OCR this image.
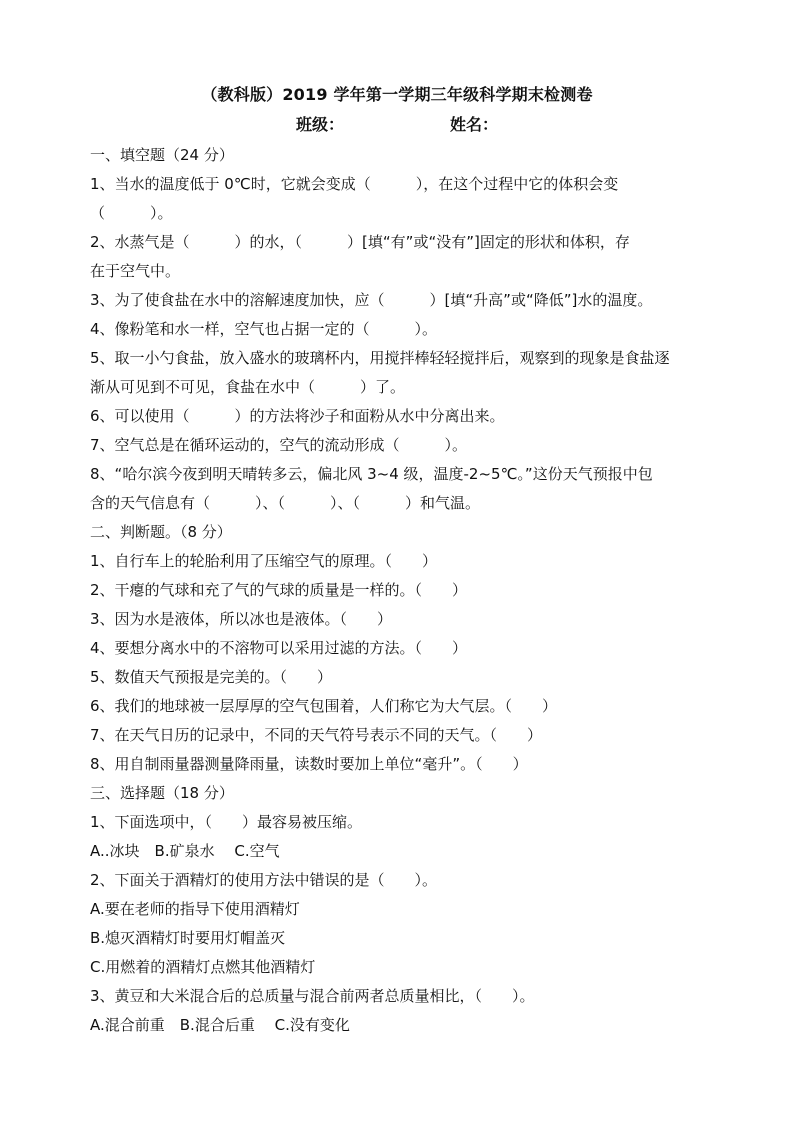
（教科版）2019 学年第一学期三年级科学期末检测卷
班级：	姓名：
一、填空题（24 分）
1、当水的温度低于 0℃时，它就会变成（　　　），在这个过程中它的体积会变
（　　　）。
2、水蒸气是（　　　）的水，（　　　）[填“有”或“没有”]固定的形状和体积，存
在于空气中。
3、为了使食盐在水中的溶解速度加快，应（　　　）[填“升高”或“降低”]水的温度。
4、像粉笔和水一样，空气也占据一定的（　　　）。
5、取一小勺食盐，放入盛水的玻璃杯内，用搅拌棒轻轻搅拌后，观察到的现象是食盐逐
渐从可见到不可见，食盐在水中（　　　）了。
6、可以使用（　　　）的方法将沙子和面粉从水中分离出来。
7、空气总是在循环运动的，空气的流动形成（　　　）。
8、“哈尔滨今夜到明天晴转多云，偏北风 3~4 级，温度-2~5℃。”这份天气预报中包
含的天气信息有（　　　）、（　　　）、（　　　）和气温。
二、判断题。（8 分）
1、自行车上的轮胎利用了压缩空气的原理。（　　）
2、干瘪的气球和充了气的气球的质量是一样的。（　　）
3、因为水是液体，所以冰也是液体。（　　）
4、要想分离水中的不溶物可以采用过滤的方法。（　　）
5、数值天气预报是完美的。（　　）
6、我们的地球被一层厚厚的空气包围着，人们称它为大气层。（　　）
7、在天气日历的记录中，不同的天气符号表示不同的天气。（　　）
8、用自制雨量器测量降雨量，读数时要加上单位“毫升”。（　　）
三、选择题（18 分）
1、下面选项中，（　　）最容易被压缩。
A..冰块　B.矿泉水　 C.空气
2、下面关于酒精灯的使用方法中错误的是（　　）。
A.要在老师的指导下使用酒精灯
B.熄灭酒精灯时要用灯帽盖灭
C.用燃着的酒精灯点燃其他酒精灯
3、黄豆和大米混合后的总质量与混合前两者总质量相比，（　　）。
A.混合前重　B.混合后重　 C.没有变化
